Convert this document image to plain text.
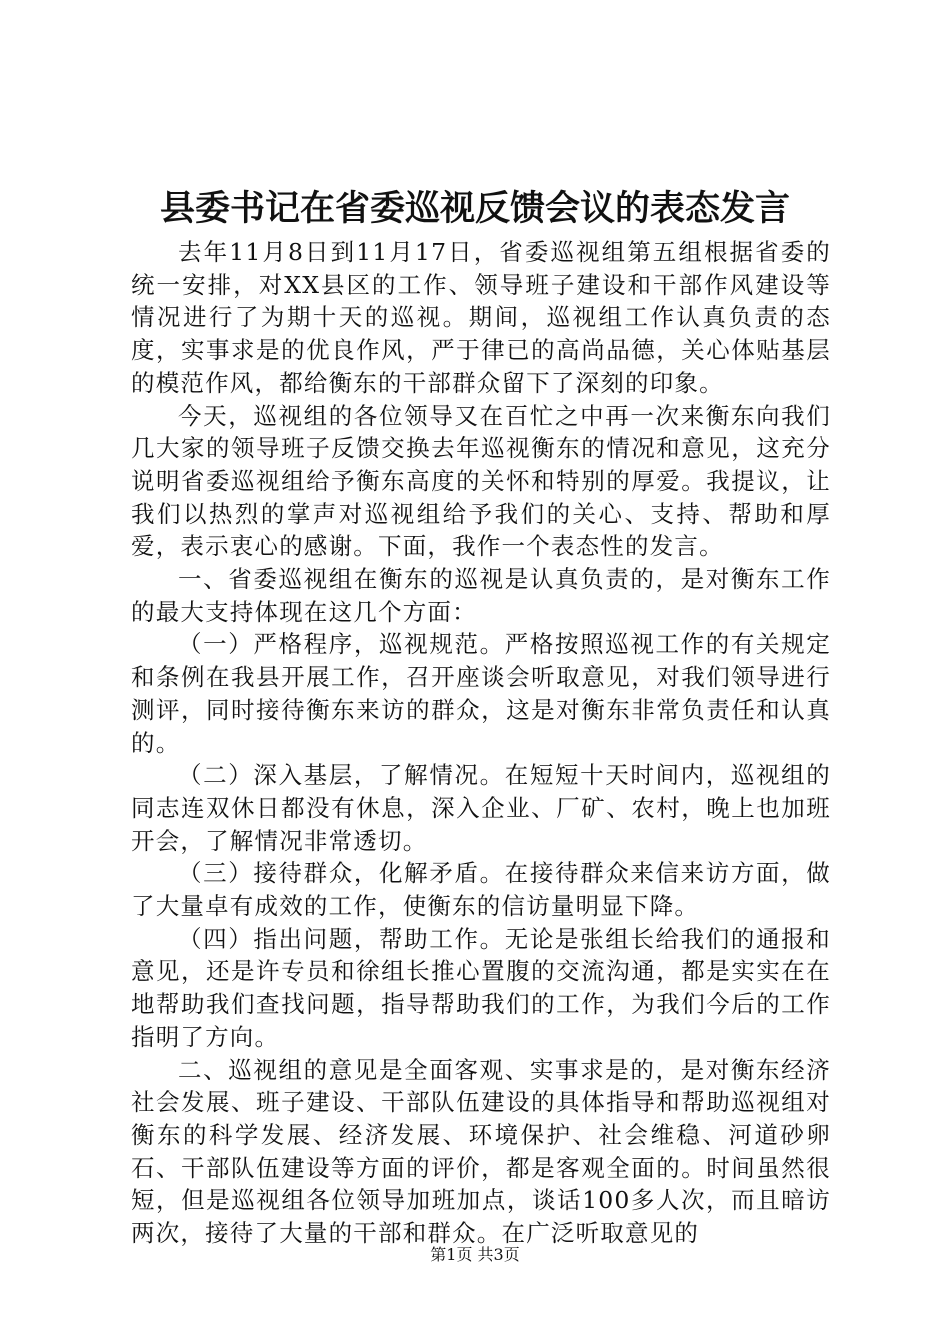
县委书记在省委巡视反馈会议的表态发言

去年11月8日到11月17日，省委巡视组第五组根据省委的统一安排，对XX县区的工作、领导班子建设和干部作风建设等情况进行了为期十天的巡视。期间，巡视组工作认真负责的态度，实事求是的优良作风，严于律已的高尚品德，关心体贴基层的模范作风，都给衡东的干部群众留下了深刻的印象。

今天，巡视组的各位领导又在百忙之中再一次来衡东向我们几大家的领导班子反馈交换去年巡视衡东的情况和意见，这充分说明省委巡视组给予衡东高度的关怀和特别的厚爱。我提议，让我们以热烈的掌声对巡视组给予我们的关心、支持、帮助和厚爱，表示衷心的感谢。下面，我作一个表态性的发言。

一、省委巡视组在衡东的巡视是认真负责的，是对衡东工作的最大支持体现在这几个方面：

（一）严格程序，巡视规范。严格按照巡视工作的有关规定和条例在我县开展工作，召开座谈会听取意见，对我们领导进行测评，同时接待衡东来访的群众，这是对衡东非常负责任和认真的。

（二）深入基层，了解情况。在短短十天时间内，巡视组的同志连双休日都没有休息，深入企业、厂矿、农村，晚上也加班开会，了解情况非常透切。

（三）接待群众，化解矛盾。在接待群众来信来访方面，做了大量卓有成效的工作，使衡东的信访量明显下降。

（四）指出问题，帮助工作。无论是张组长给我们的通报和意见，还是许专员和徐组长推心置腹的交流沟通，都是实实在在地帮助我们查找问题，指导帮助我们的工作，为我们今后的工作指明了方向。

二、巡视组的意见是全面客观、实事求是的，是对衡东经济社会发展、班子建设、干部队伍建设的具体指导和帮助巡视组对衡东的科学发展、经济发展、环境保护、社会维稳、河道砂卵石、干部队伍建设等方面的评价，都是客观全面的。时间虽然很短，但是巡视组各位领导加班加点，谈话100多人次，而且暗访两次，接待了大量的干部和群众。在广泛听取意见的

第1页 共3页
